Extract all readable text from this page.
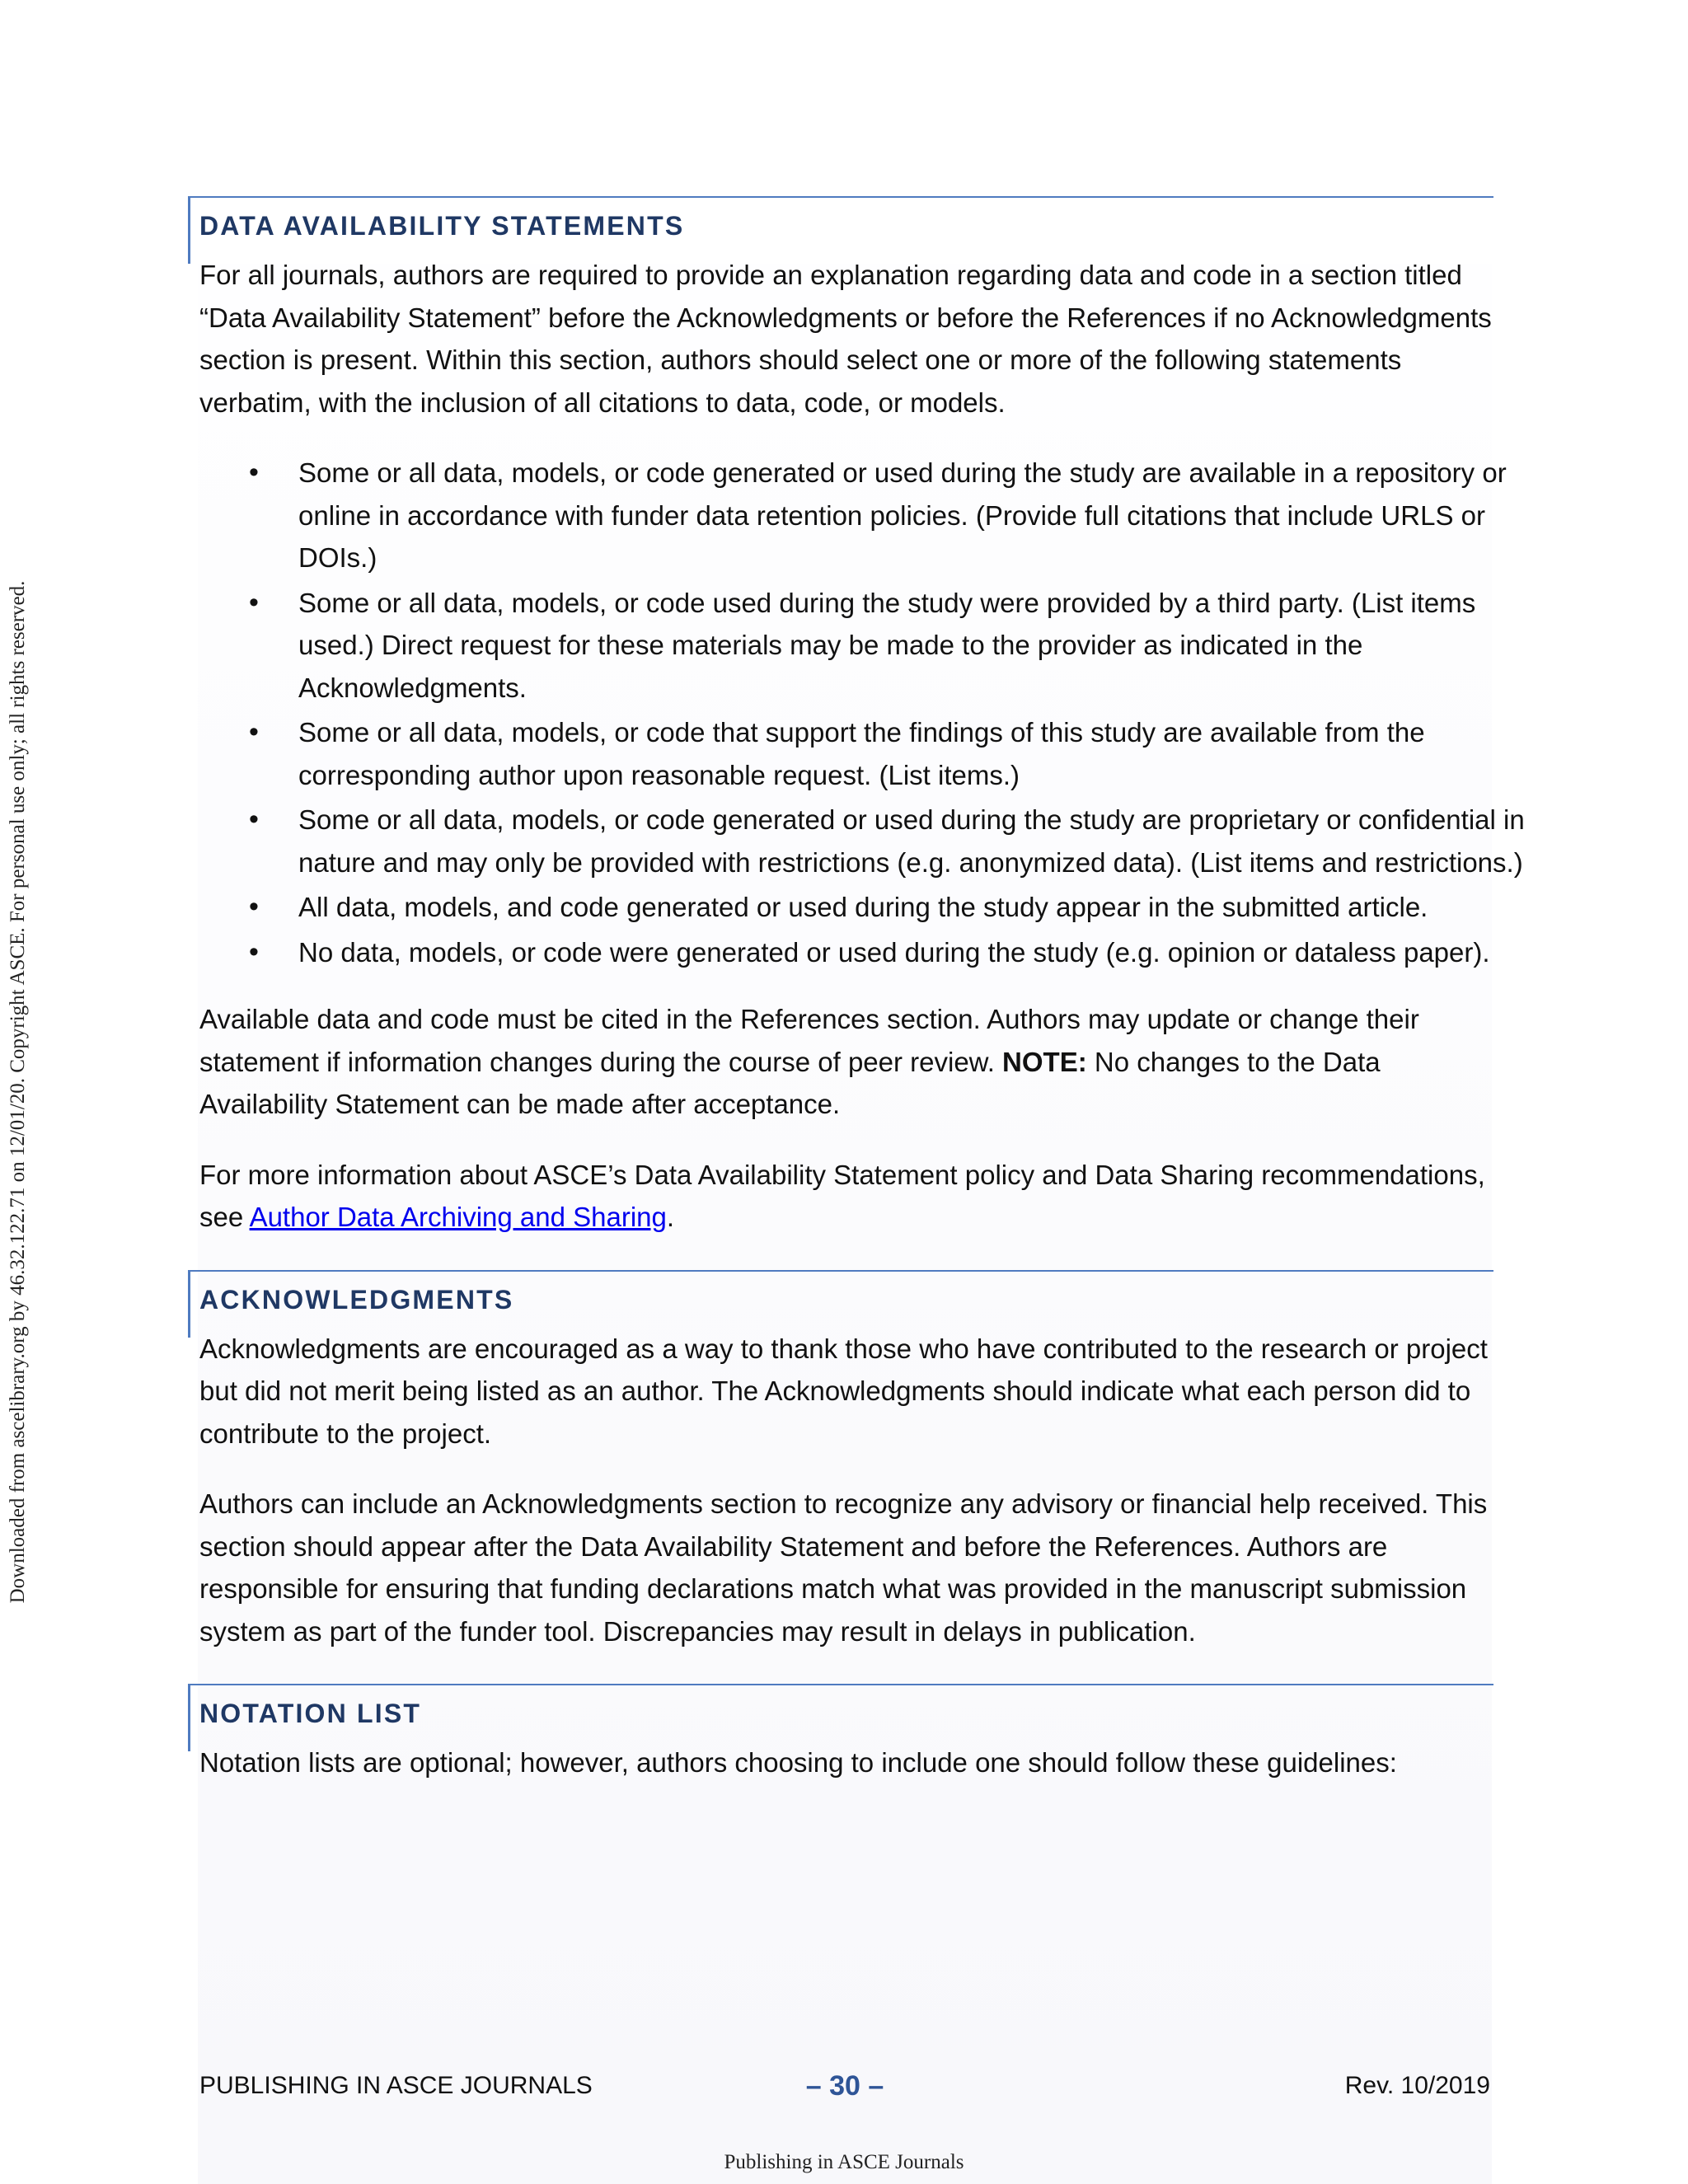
Downloaded from ascelibrary.org by 46.32.122.71 on 12/01/20. Copyright ASCE. For personal use only; all rights reserved.
DATA AVAILABILITY STATEMENTS

For all journals, authors are required to provide an explanation regarding data and code in a section titled “Data Availability Statement” before the Acknowledgments or before the References if no Acknowledgments section is present. Within this section, authors should select one or more of the following statements verbatim, with the inclusion of all citations to data, code, or models.

• Some or all data, models, or code generated or used during the study are available in a repository or online in accordance with funder data retention policies. (Provide full citations that include URLS or DOIs.)
• Some or all data, models, or code used during the study were provided by a third party. (List items used.) Direct request for these materials may be made to the provider as indicated in the Acknowledgments.
• Some or all data, models, or code that support the findings of this study are available from the corresponding author upon reasonable request. (List items.)
• Some or all data, models, or code generated or used during the study are proprietary or confidential in nature and may only be provided with restrictions (e.g. anonymized data). (List items and restrictions.)
• All data, models, and code generated or used during the study appear in the submitted article.
• No data, models, or code were generated or used during the study (e.g. opinion or dataless paper).

Available data and code must be cited in the References section. Authors may update or change their statement if information changes during the course of peer review. NOTE: No changes to the Data Availability Statement can be made after acceptance.

For more information about ASCE’s Data Availability Statement policy and Data Sharing recommendations, see Author Data Archiving and Sharing.

ACKNOWLEDGMENTS

Acknowledgments are encouraged as a way to thank those who have contributed to the research or project but did not merit being listed as an author. The Acknowledgments should indicate what each person did to contribute to the project.

Authors can include an Acknowledgments section to recognize any advisory or financial help received. This section should appear after the Data Availability Statement and before the References. Authors are responsible for ensuring that funding declarations match what was provided in the manuscript submission system as part of the funder tool. Discrepancies may result in delays in publication.

NOTATION LIST

Notation lists are optional; however, authors choosing to include one should follow these guidelines:

PUBLISHING IN ASCE JOURNALS	– 30 –	Rev. 10/2019
Publishing in ASCE Journals
